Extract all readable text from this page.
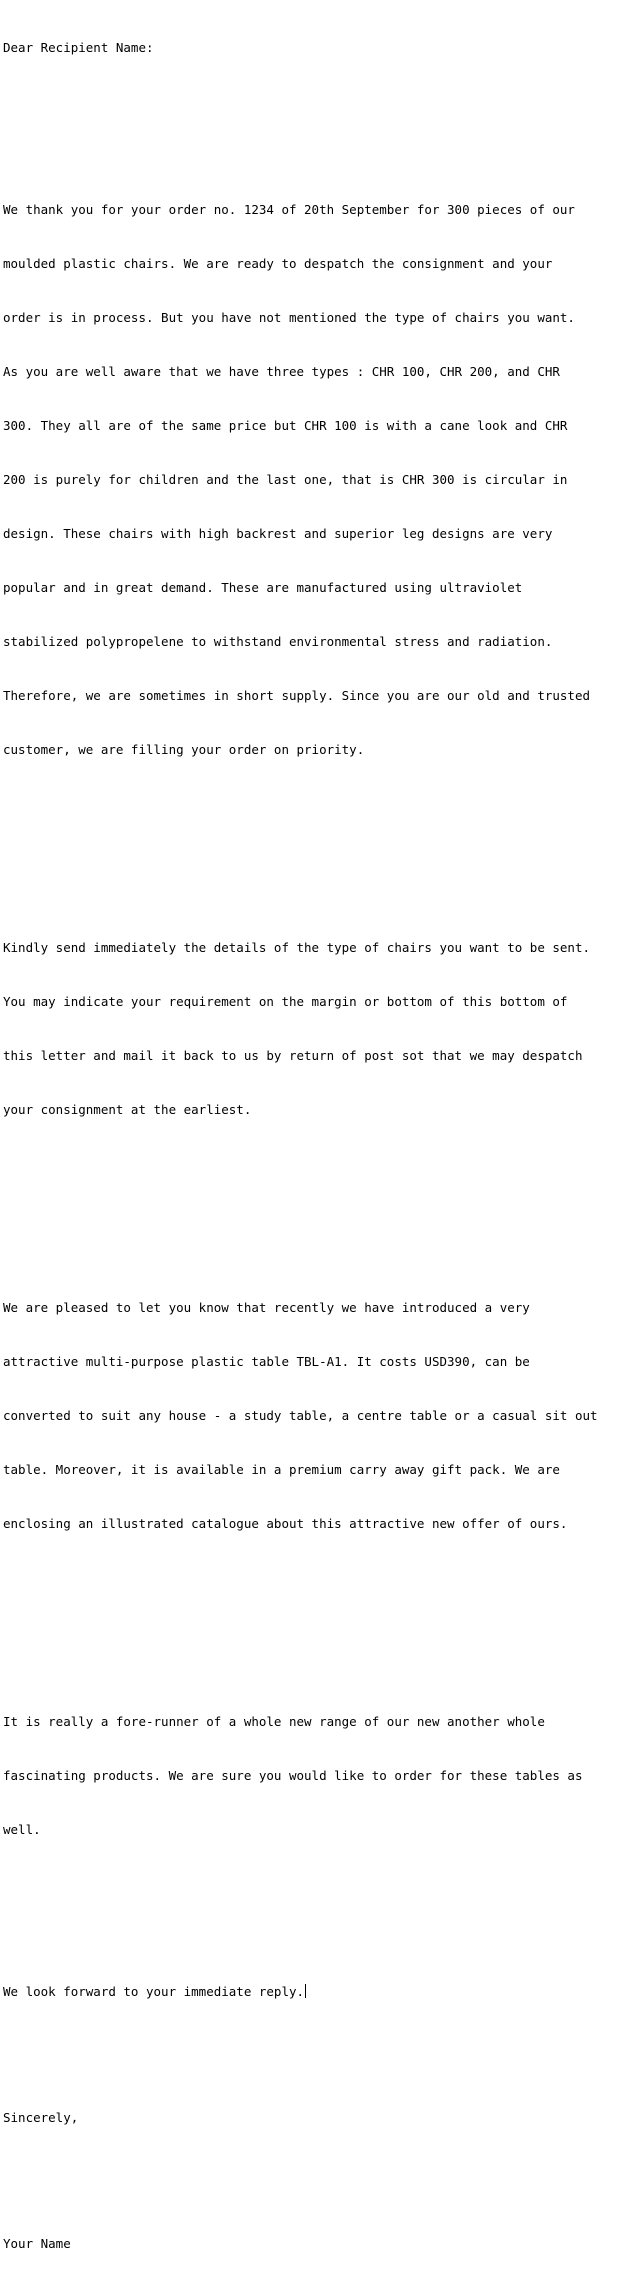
Dear Recipient Name:

We thank you for your order no. 1234 of 20th September for 300 pieces of our

moulded plastic chairs. We are ready to despatch the consignment and your

order is in process. But you have not mentioned the type of chairs you want.

As you are well aware that we have three types : CHR 100, CHR 200, and CHR

300. They all are of the same price but CHR 100 is with a cane look and CHR

200 is purely for children and the last one, that is CHR 300 is circular in

design. These chairs with high backrest and superior leg designs are very

popular and in great demand. These are manufactured using ultraviolet

stabilized polypropelene to withstand environmental stress and radiation.

Therefore, we are sometimes in short supply. Since you are our old and trusted

customer, we are filling your order on priority.

Kindly send immediately the details of the type of chairs you want to be sent.

You may indicate your requirement on the margin or bottom of this bottom of

this letter and mail it back to us by return of post sot that we may despatch

your consignment at the earliest.

We are pleased to let you know that recently we have introduced a very

attractive multi-purpose plastic table TBL-A1. It costs USD390, can be

converted to suit any house - a study table, a centre table or a casual sit out

table. Moreover, it is available in a premium carry away gift pack. We are

enclosing an illustrated catalogue about this attractive new offer of ours.

It is really a fore-runner of a whole new range of our new another whole

fascinating products. We are sure you would like to order for these tables as

well.

We look forward to your immediate reply.

Sincerely,

Your Name
